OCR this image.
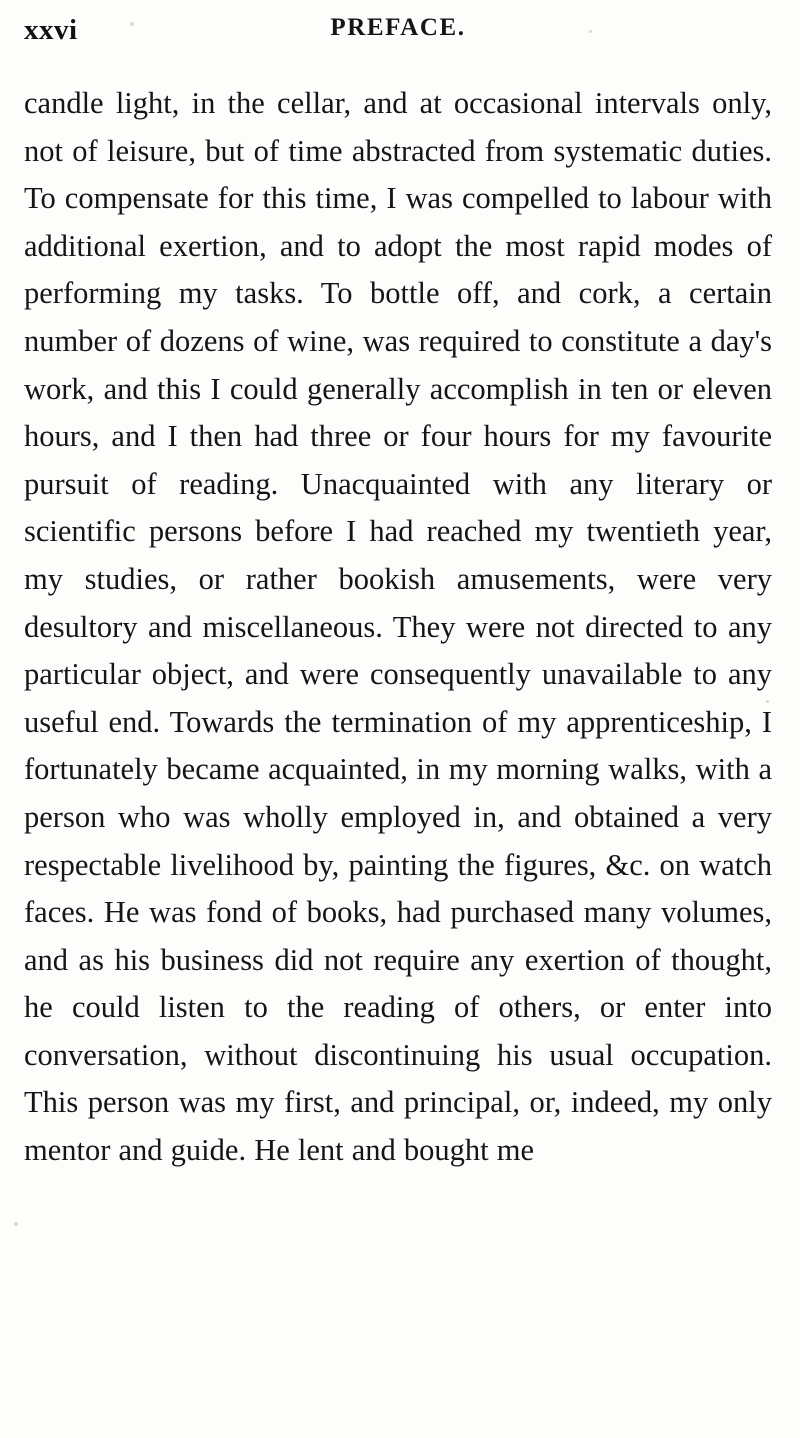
xxvi	PREFACE.

candle light, in the cellar, and at occasional intervals only, not of leisure, but of time abstracted from systematic duties. To compensate for this time, I was compelled to labour with additional exertion, and to adopt the most rapid modes of performing my tasks. To bottle off, and cork, a certain number of dozens of wine, was required to constitute a day's work, and this I could generally accomplish in ten or eleven hours, and I then had three or four hours for my favourite pursuit of reading. Unacquainted with any literary or scientific persons before I had reached my twentieth year, my studies, or rather bookish amusements, were very desultory and miscellaneous. They were not directed to any particular object, and were consequently unavailable to any useful end. Towards the termination of my apprenticeship, I fortunately became acquainted, in my morning walks, with a person who was wholly employed in, and obtained a very respectable livelihood by, painting the figures, &c. on watch faces. He was fond of books, had purchased many volumes, and as his business did not require any exertion of thought, he could listen to the reading of others, or enter into conversation, without discontinuing his usual occupation. This person was my first, and principal, or, indeed, my only mentor and guide. He lent and bought me
